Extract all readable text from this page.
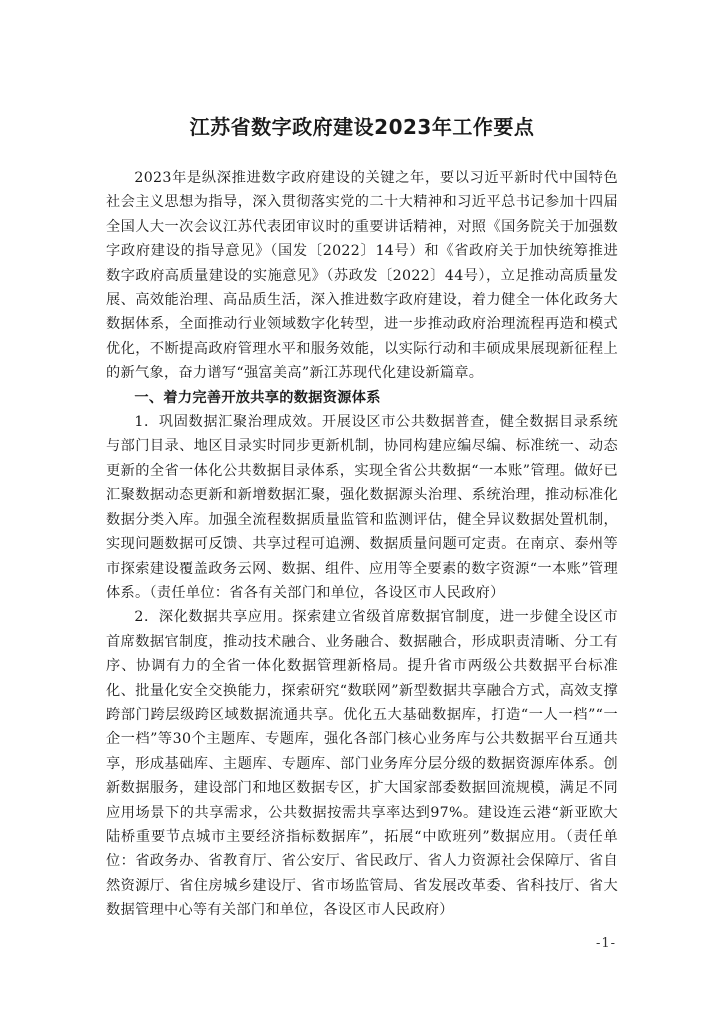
江苏省数字政府建设2023年工作要点

2023年是纵深推进数字政府建设的关键之年，要以习近平新时代中国特色社会主义思想为指导，深入贯彻落实党的二十大精神和习近平总书记参加十四届全国人大一次会议江苏代表团审议时的重要讲话精神，对照《国务院关于加强数字政府建设的指导意见》（国发〔2022〕14号）和《省政府关于加快统筹推进数字政府高质量建设的实施意见》（苏政发〔2022〕44号），立足推动高质量发展、高效能治理、高品质生活，深入推进数字政府建设，着力健全一体化政务大数据体系，全面推动行业领域数字化转型，进一步推动政府治理流程再造和模式优化，不断提高政府管理水平和服务效能，以实际行动和丰硕成果展现新征程上的新气象，奋力谱写“强富美高”新江苏现代化建设新篇章。

一、着力完善开放共享的数据资源体系

1．巩固数据汇聚治理成效。开展设区市公共数据普查，健全数据目录系统与部门目录、地区目录实时同步更新机制，协同构建应编尽编、标准统一、动态更新的全省一体化公共数据目录体系，实现全省公共数据“一本账”管理。做好已汇聚数据动态更新和新增数据汇聚，强化数据源头治理、系统治理，推动标准化数据分类入库。加强全流程数据质量监管和监测评估，健全异议数据处置机制，实现问题数据可反馈、共享过程可追溯、数据质量问题可定责。在南京、泰州等市探索建设覆盖政务云网、数据、组件、应用等全要素的数字资源“一本账”管理体系。（责任单位：省各有关部门和单位，各设区市人民政府）

2．深化数据共享应用。探索建立省级首席数据官制度，进一步健全设区市首席数据官制度，推动技术融合、业务融合、数据融合，形成职责清晰、分工有序、协调有力的全省一体化数据管理新格局。提升省市两级公共数据平台标准化、批量化安全交换能力，探索研究“数联网”新型数据共享融合方式，高效支撑跨部门跨层级跨区域数据流通共享。优化五大基础数据库，打造“一人一档”“一企一档”等30个主题库、专题库，强化各部门核心业务库与公共数据平台互通共享，形成基础库、主题库、专题库、部门业务库分层分级的数据资源库体系。创新数据服务，建设部门和地区数据专区，扩大国家部委数据回流规模，满足不同应用场景下的共享需求，公共数据按需共享率达到97%。建设连云港“新亚欧大陆桥重要节点城市主要经济指标数据库”，拓展“中欧班列”数据应用。（责任单位：省政务办、省教育厅、省公安厅、省民政厅、省人力资源社会保障厅、省自然资源厅、省住房城乡建设厅、省市场监管局、省发展改革委、省科技厅、省大数据管理中心等有关部门和单位，各设区市人民政府）

-1-
